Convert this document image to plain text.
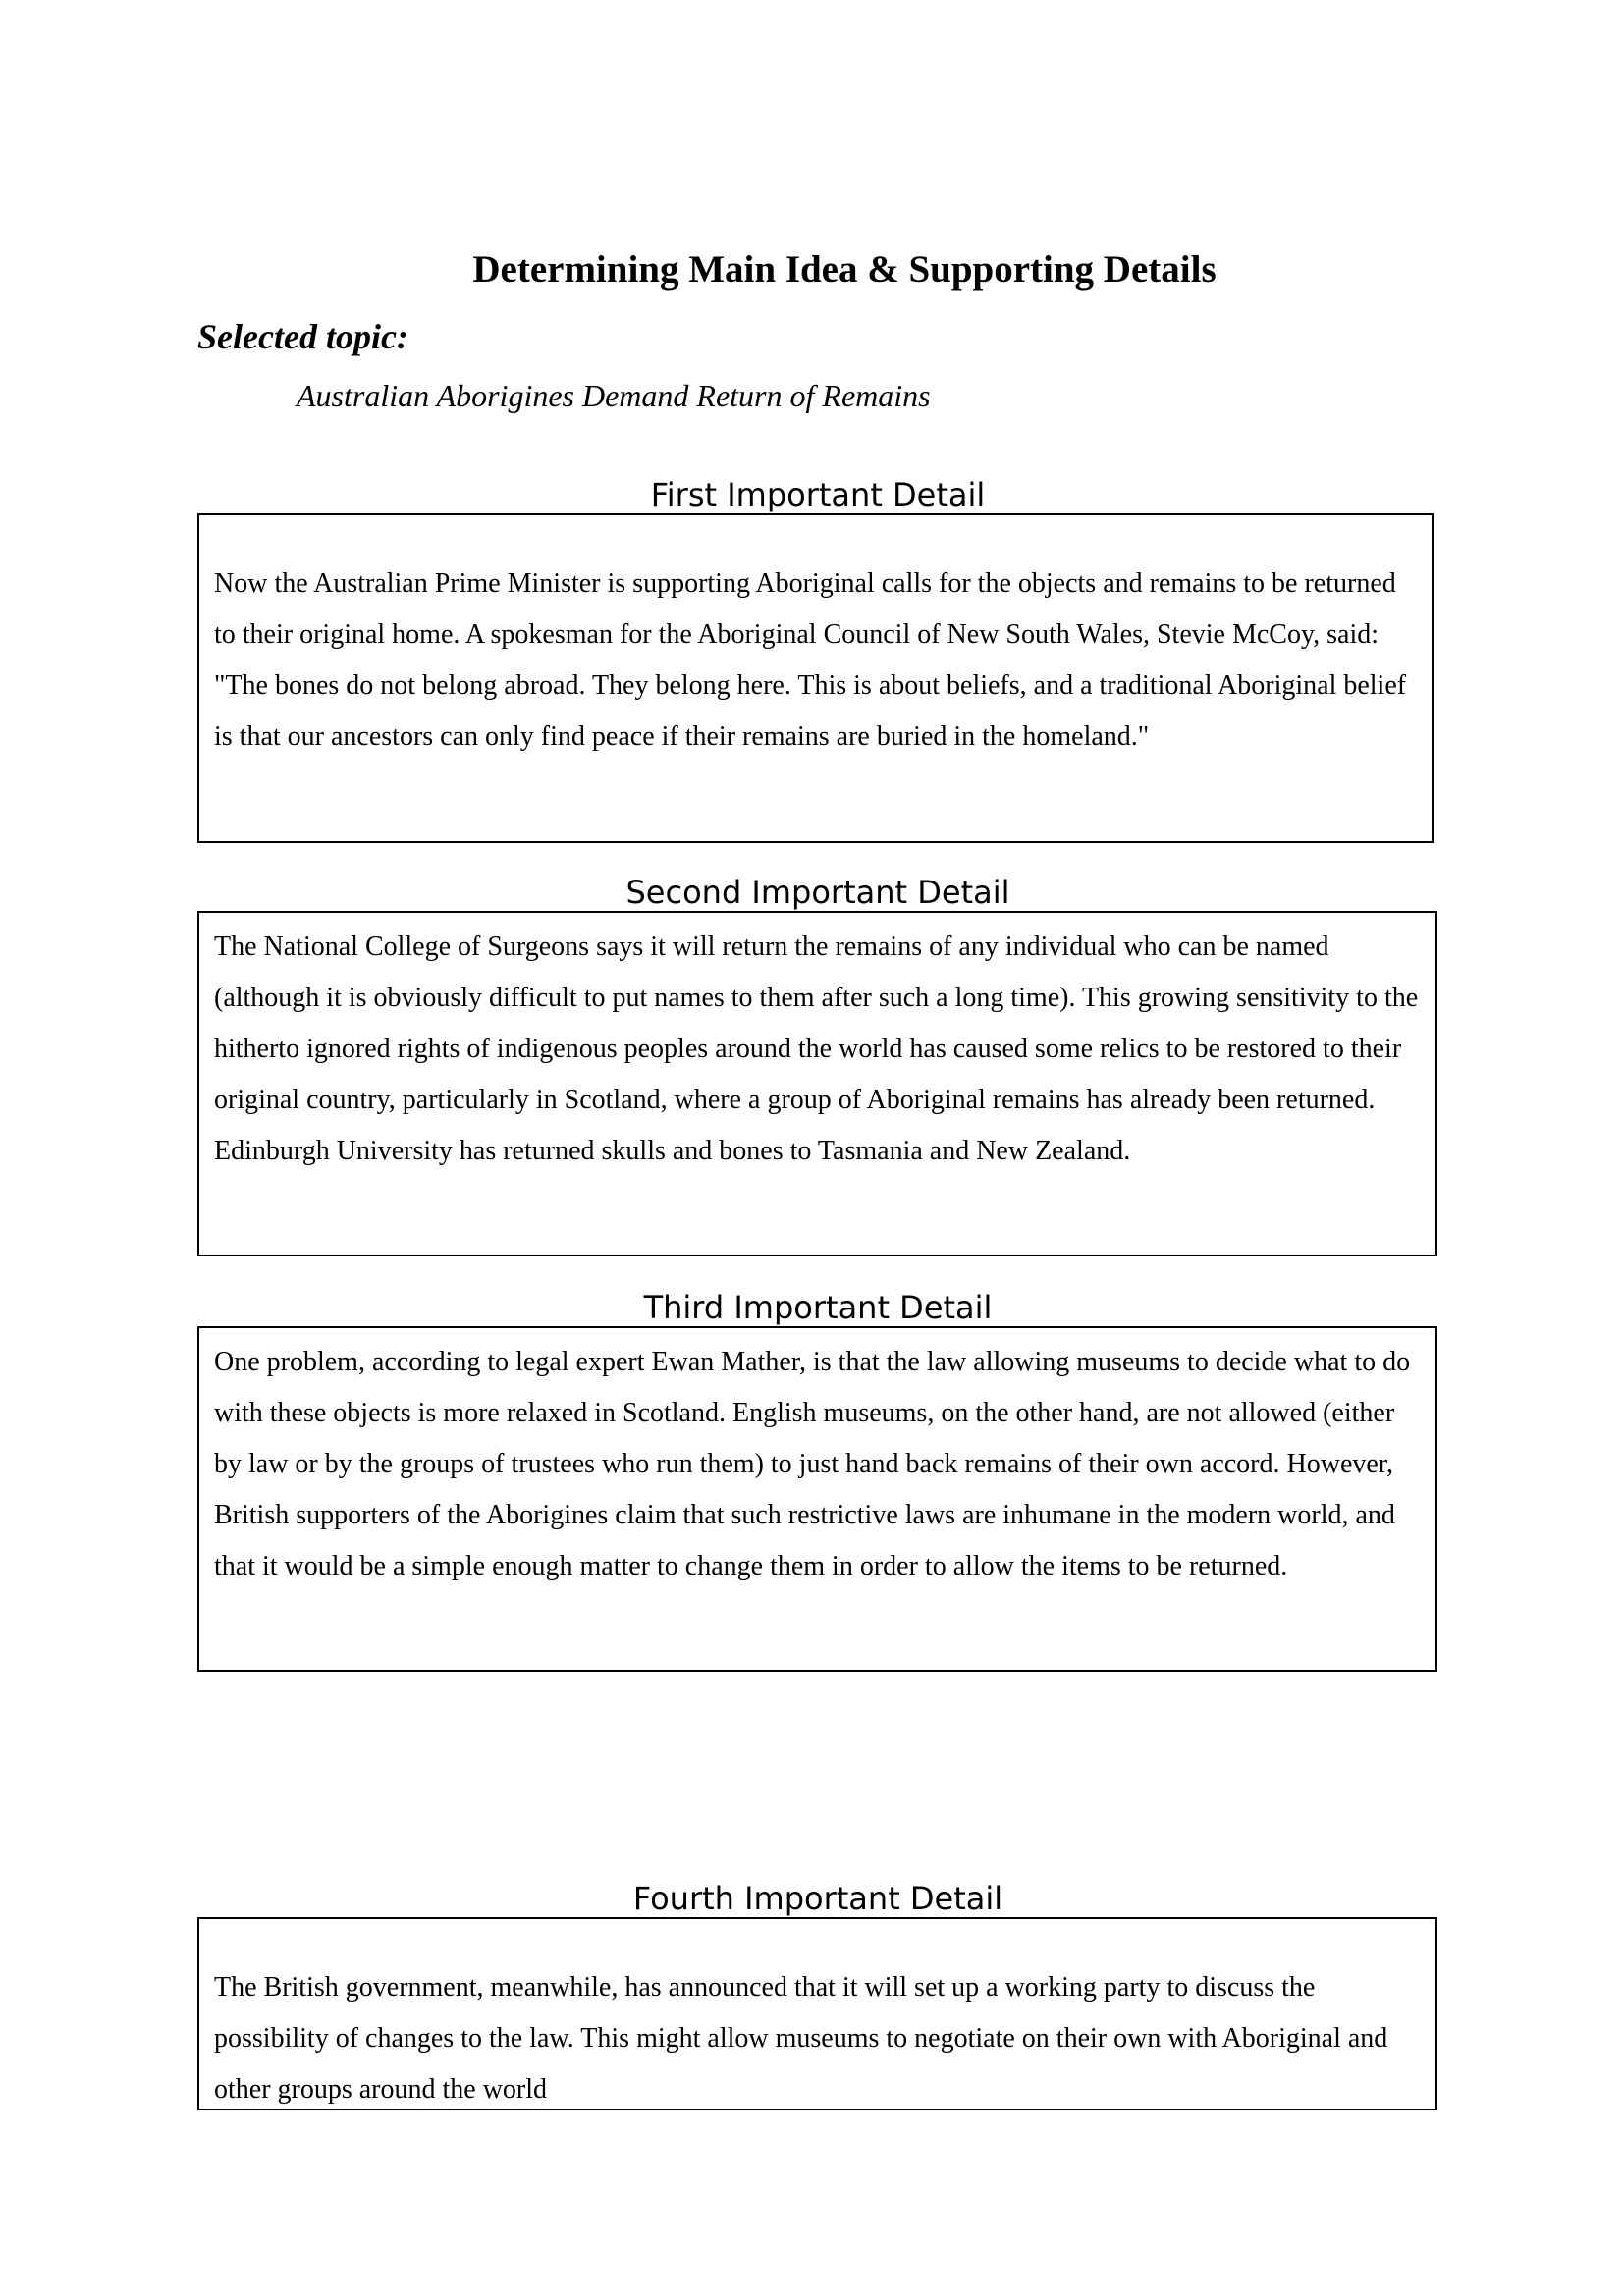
Determining Main Idea & Supporting Details
Selected topic:

Australian Aborigines Demand Return of Remains

First Important Detail

Now the Australian Prime Minister is supporting Aboriginal calls for the objects and remains to be returned to their original home. A spokesman for the Aboriginal Council of New South Wales, Stevie McCoy, said: "The bones do not belong abroad. They belong here. This is about beliefs, and a traditional Aboriginal belief is that our ancestors can only find peace if their remains are buried in the homeland."

Second Important Detail

The National College of Surgeons says it will return the remains of any individual who can be named (although it is obviously difficult to put names to them after such a long time). This growing sensitivity to the hitherto ignored rights of indigenous peoples around the world has caused some relics to be restored to their original country, particularly in Scotland, where a group of Aboriginal remains has already been returned. Edinburgh University has returned skulls and bones to Tasmania and New Zealand.

Third Important Detail

One problem, according to legal expert Ewan Mather, is that the law allowing museums to decide what to do with these objects is more relaxed in Scotland. English museums, on the other hand, are not allowed (either by law or by the groups of trustees who run them) to just hand back remains of their own accord. However, British supporters of the Aborigines claim that such restrictive laws are inhumane in the modern world, and that it would be a simple enough matter to change them in order to allow the items to be returned.

Fourth Important Detail

The British government, meanwhile, has announced that it will set up a working party to discuss the possibility of changes to the law. This might allow museums to negotiate on their own with Aboriginal and other groups around the world
